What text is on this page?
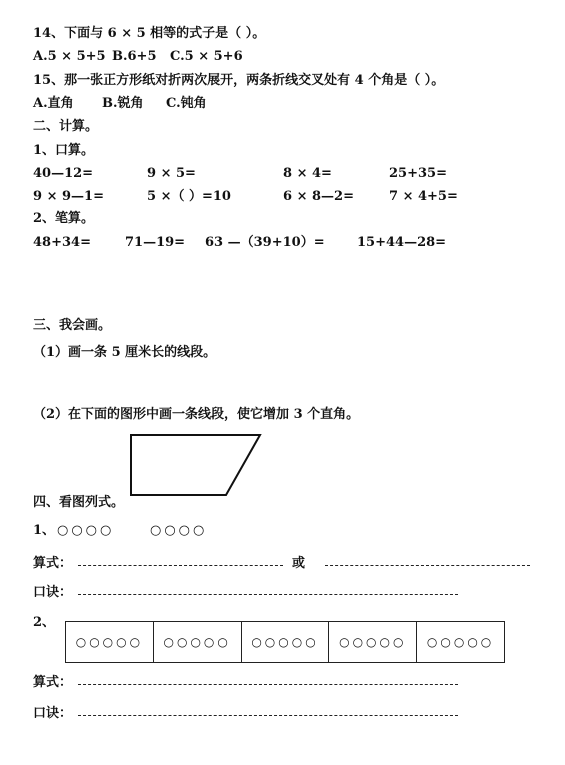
14、下面与 6 × 5 相等的式子是（ ）。
A.5 × 5+5 B.6+5 C.5 × 5+6
15、那一张正方形纸对折两次展开，两条折线交叉处有 4 个角是（ ）。
A.直角 B.锐角 C.钝角
二、计算。
1、口算。
40—12=	9 × 5=	8 × 4=	25+35=
9 × 9—1=	5 ×（ ）=10	6 × 8—2=	7 × 4+5=
2、笔算。
48+34=	71—19= 63 —（39+10）= 15+44—28=
三、我会画。
（1）画一条 5 厘米长的线段。
（2）在下面的图形中画一条线段，使它增加 3 个直角。
四、看图列式。
1、 ○○○○	○○○○
算式：	或
口诀：
2、
○○○○○	○○○○○	○○○○○	○○○○○	○○○○○
算式：
口诀：
